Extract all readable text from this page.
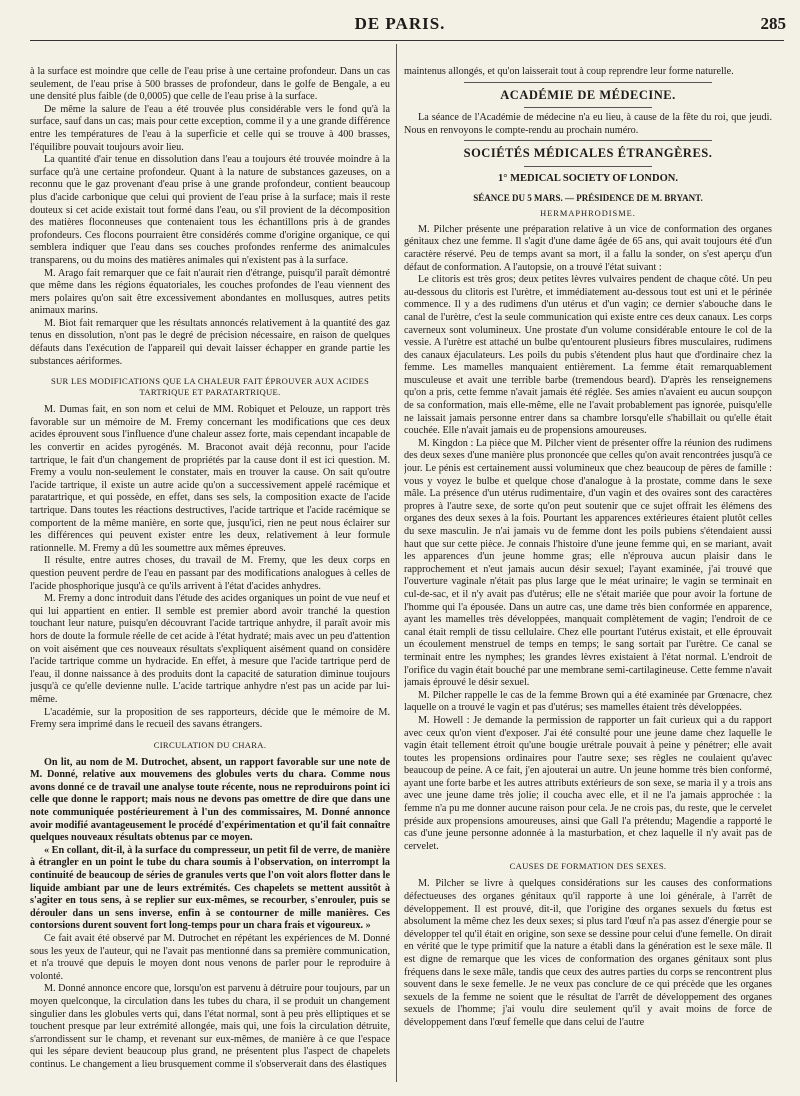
DE PARIS.	285

à la surface est moindre que celle de l'eau prise à une certaine profondeur. Dans un cas seulement, de l'eau prise à 500 brasses de profondeur, dans le golfe de Bengale, a eu une densité plus faible (de 0,0005) que celle de l'eau prise à la surface.

De même la salure de l'eau a été trouvée plus considérable vers le fond qu'à la surface, sauf dans un cas; mais pour cette exception, comme il y a une grande différence entre les températures de l'eau à la superficie et celle qui se trouve à 400 brasses, l'équilibre pouvait toujours avoir lieu.

La quantité d'air tenue en dissolution dans l'eau a toujours été trouvée moindre à la surface qu'à une certaine profondeur. Quant à la nature de substances gazeuses, on a reconnu que le gaz provenant d'eau prise à une grande profondeur, contient beaucoup plus d'acide carbonique que celui qui provient de l'eau prise à la surface; mais il reste douteux si cet acide existait tout formé dans l'eau, ou s'il provient de la décomposition des matières floconneuses que contenaient tous les échantillons pris à de grandes profondeurs. Ces flocons pourraient être considérés comme d'origine organique, ce qui semblera indiquer que l'eau dans ses couches profondes renferme des animalcules transparens, ou du moins des matières animales qui n'existent pas à la surface.

M. Arago fait remarquer que ce fait n'aurait rien d'étrange, puisqu'il paraît démontré que même dans les régions équatoriales, les couches profondes de l'eau viennent des mers polaires qu'on sait être excessivement abondantes en mollusques, autres petits animaux marins.

M. Biot fait remarquer que les résultats annoncés relativement à la quantité des gaz tenus en dissolution, n'ont pas le degré de précision nécessaire, en raison de quelques défauts dans l'exécution de l'appareil qui devait laisser échapper en grande partie les substances aériformes.

SUR LES MODIFICATIONS QUE LA CHALEUR FAIT ÉPROUVER AUX ACIDES TARTRIQUE ET PARATARTRIQUE.

M. Dumas fait, en son nom et celui de MM. Robiquet et Pelouze, un rapport très favorable sur un mémoire de M. Fremy concernant les modifications que ces deux acides éprouvent sous l'influence d'une chaleur assez forte, mais cependant incapable de les convertir en acides pyrogénés. M. Braconot avait déjà reconnu, pour l'acide tartrique, le fait d'un changement de propriétés par la cause dont il est ici question. M. Fremy a voulu non-seulement le constater, mais en trouver la cause. On sait qu'outre l'acide tartrique, il existe un autre acide qu'on a successivement appelé racémique et paratartrique, et qui possède, en effet, dans ses sels, la composition exacte de l'acide tartrique. Dans toutes les réactions destructives, l'acide tartrique et l'acide racémique se comportent de la même manière, en sorte que, jusqu'ici, rien ne peut nous éclairer sur les différences qui peuvent exister entre les deux, relativement à leur formule rationnelle. M. Fremy a dû les soumettre aux mêmes épreuves.

Il résulte, entre autres choses, du travail de M. Fremy, que les deux corps en question peuvent perdre de l'eau en passant par des modifications analogues à celles de l'acide phosphorique jusqu'à ce qu'ils arrivent à l'état d'acides anhydres.

M. Fremy a donc introduit dans l'étude des acides organiques un point de vue neuf et qui lui appartient en entier. Il semble est premier abord avoir tranché la question touchant leur nature, puisqu'en découvrant l'acide tartrique anhydre, il paraît avoir mis hors de doute la formule réelle de cet acide à l'état hydraté; mais avec un peu d'attention on voit aisément que ces nouveaux résultats s'expliquent aisément quand on considère l'acide tartrique comme un hydracide. En effet, à mesure que l'acide tartrique perd de l'eau, il donne naissance à des produits dont la capacité de saturation diminue toujours jusqu'à ce qu'elle devienne nulle. L'acide tartrique anhydre n'est pas un acide par lui-même.

L'académie, sur la proposition de ses rapporteurs, décide que le mémoire de M. Fremy sera imprimé dans le recueil des savans étrangers.

CIRCULATION DU CHARA.

On lit, au nom de M. Dutrochet, absent, un rapport favorable sur une note de M. Donné, relative aux mouvemens des globules verts du chara. Comme nous avons donné ce de travail une analyse toute récente, nous ne reproduirons point ici celle que donne le rapport; mais nous ne devons pas omettre de dire que dans une note communiquée postérieurement à l'un des commissaires, M. Donné annonce avoir modifié avantageusement le procédé d'expérimentation et qu'il fait connaître quelques nouveaux résultats obtenus par ce moyen.

« En collant, dit-il, à la surface du compresseur, un petit fil de verre, de manière à étrangler en un point le tube du chara soumis à l'observation, on interrompt la continuité de beaucoup de séries de granules verts que l'on voit alors flotter dans le liquide ambiant par une de leurs extrémités. Ces chapelets se mettent aussitôt à s'agiter en tous sens, à se replier sur eux-mêmes, se recourber, s'enrouler, puis se dérouler dans un sens inverse, enfin à se contourner de mille manières. Ces contorsions durent souvent fort long-temps pour un chara frais et vigoureux. »

Ce fait avait été observé par M. Dutrochet en répétant les expériences de M. Donné sous les yeux de l'auteur, qui ne l'avait pas mentionné dans sa première communication, et n'a trouvé que depuis le moyen dont nous venons de parler pour le reproduire à volonté.

M. Donné annonce encore que, lorsqu'on est parvenu à détruire pour toujours, par un moyen quelconque, la circulation dans les tubes du chara, il se produit un changement singulier dans les globules verts qui, dans l'état normal, sont à peu près elliptiques et se touchent presque par leur extrémité allongée, mais qui, une fois la circulation détruite, s'arrondissent sur le champ, et revenant sur eux-mêmes, de manière à ce que l'espace qui les sépare devient beaucoup plus grand, ne présentent plus l'aspect de chapelets continus. Le changement a lieu brusquement comme il s'observerait dans des élastiques

maintenus allongés, et qu'on laisserait tout à coup reprendre leur forme naturelle.

ACADÉMIE DE MÉDECINE.

La séance de l'Académie de médecine n'a eu lieu, à cause de la fête du roi, que jeudi. Nous en renvoyons le compte-rendu au prochain numéro.

SOCIÉTÉS MÉDICALES ÉTRANGÈRES.
1° MEDICAL SOCIETY OF LONDON.
SÉANCE DU 5 MARS. — PRÉSIDENCE DE M. BRYANT.
HERMAPHRODISME.

M. Pilcher présente une préparation relative à un vice de conformation des organes génitaux chez une femme. Il s'agit d'une dame âgée de 65 ans, qui avait toujours été d'un caractère réservé. Peu de temps avant sa mort, il a fallu la sonder, on s'est aperçu d'un défaut de conformation. A l'autopsie, on a trouvé l'état suivant :

Le clitoris est très gros; deux petites lèvres vulvaires pendent de chaque côté. Un peu au-dessous du clitoris est l'urètre, et immédiatement au-dessous tout est uni et le périnée commence. Il y a des rudimens d'un utérus et d'un vagin; ce dernier s'abouche dans le canal de l'urètre, c'est la seule communication qui existe entre ces deux canaux. Les corps caverneux sont volumineux. Une prostate d'un volume considérable entoure le col de la vessie. A l'urètre est attaché un bulbe qu'entourent plusieurs fibres musculaires, rudimens des canaux éjaculateurs. Les poils du pubis s'étendent plus haut que d'ordinaire chez la femme. Les mamelles manquaient entièrement. La femme était remarquablement musculeuse et avait une terrible barbe (tremendous beard). D'après les renseignemens qu'on a pris, cette femme n'avait jamais été réglée. Ses amies n'avaient eu aucun soupçon de sa conformation, mais elle-même, elle ne l'avait probablement pas ignorée, puisqu'elle ne laissait jamais personne entrer dans sa chambre lorsqu'elle s'habillait ou qu'elle était couchée. Elle n'avait jamais eu de propensions amoureuses.

M. Kingdon : La pièce que M. Pilcher vient de présenter offre la réunion des rudimens des deux sexes d'une manière plus prononcée que celles qu'on avait rencontrées jusqu'à ce jour. Le pénis est certainement aussi volumineux que chez beaucoup de pères de famille : vous y voyez le bulbe et quelque chose d'analogue à la prostate, comme dans le sexe mâle. La présence d'un utérus rudimentaire, d'un vagin et des ovaires sont des caractères propres à l'autre sexe, de sorte qu'on peut soutenir que ce sujet offrait les élémens des organes des deux sexes à la fois. Pourtant les apparences extérieures étaient plutôt celles du sexe masculin. Je n'ai jamais vu de femme dont les poils pubiens s'étendaient aussi haut que sur cette pièce. Je connais l'histoire d'une jeune femme qui, en se mariant, avait les apparences d'un jeune homme gras; elle n'éprouva aucun plaisir dans le rapprochement et n'eut jamais aucun désir sexuel; l'ayant examinée, j'ai trouvé que l'ouverture vaginale n'était pas plus large que le méat urinaire; le vagin se terminait en cul-de-sac, et il n'y avait pas d'utérus; elle ne s'était mariée que pour avoir la fortune de l'homme qui l'a épousée. Dans un autre cas, une dame très bien conformée en apparence, ayant les mamelles très développées, manquait complètement de vagin; l'endroit de ce canal était rempli de tissu cellulaire. Chez elle pourtant l'utérus existait, et elle éprouvait un écoulement menstruel de temps en temps; le sang sortait par l'urètre. Ce canal se terminait entre les nymphes; les grandes lèvres existaient à l'état normal. L'endroit de l'orifice du vagin était bouché par une membrane semi-cartilagineuse. Cette femme n'avait jamais éprouvé le désir sexuel.

M. Pilcher rappelle le cas de la femme Brown qui a été examinée par Grœnacre, chez laquelle on a trouvé le vagin et pas d'utérus; ses mamelles étaient très développées.

M. Howell : Je demande la permission de rapporter un fait curieux qui a du rapport avec ceux qu'on vient d'exposer. J'ai été consulté pour une jeune dame chez laquelle le vagin était tellement étroit qu'une bougie urétrale pouvait à peine y pénétrer; elle avait toutes les propensions ordinaires pour l'autre sexe; ses règles ne coulaient qu'avec beaucoup de peine. A ce fait, j'en ajouterai un autre. Un jeune homme très bien conformé, ayant une forte barbe et les autres attributs extérieurs de son sexe, se maria il y a trois ans avec une jeune dame très jolie; il coucha avec elle, et il ne l'a jamais approchée : la femme n'a pu me donner aucune raison pour cela. Je ne crois pas, du reste, que le cervelet préside aux propensions amoureuses, ainsi que Gall l'a prétendu; Magendie a rapporté le cas d'une jeune personne adonnée à la masturbation, et chez laquelle il n'y avait pas de cervelet.

CAUSES DE FORMATION DES SEXES.

M. Pilcher se livre à quelques considérations sur les causes des conformations défectueuses des organes génitaux qu'il rapporte à une loi générale, à l'arrêt de développement. Il est prouvé, dit-il, que l'origine des organes sexuels du fœtus est absolument la même chez les deux sexes; si plus tard l'œuf n'a pas assez d'énergie pour se développer tel qu'il était en origine, son sexe se dessine pour celui d'une femelle. On dirait en vérité que le type primitif que la nature a établi dans la génération est le sexe mâle. Il est digne de remarque que les vices de conformation des organes génitaux sont plus fréquens dans le sexe mâle, tandis que ceux des autres parties du corps se rencontrent plus souvent dans le sexe femelle. Je ne veux pas conclure de ce qui précède que les organes sexuels de la femme ne soient que le résultat de l'arrêt de développement des organes sexuels de l'homme; j'ai voulu dire seulement qu'il y avait moins de force de développement dans l'œuf femelle que dans celui de l'autre
